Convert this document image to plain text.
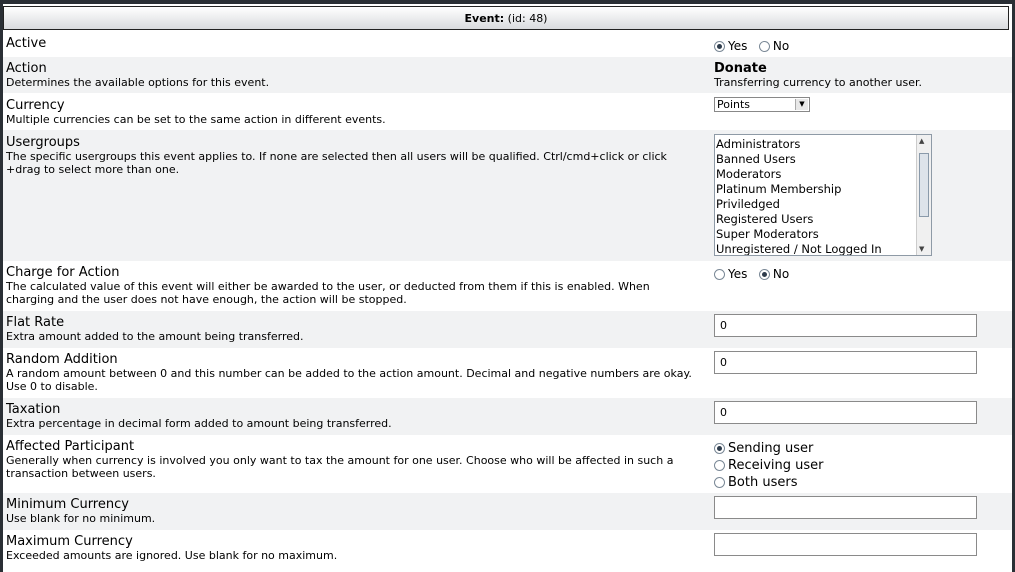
Event: (id: 48)
Active	Yes No
Action
Determines the available options for this event.
Donate
Transferring currency to another user.
Currency
Multiple currencies can be set to the same action in different events.
Points	▼
Usergroups
The specific usergroups this event applies to. If none are selected then all users will be qualified. Ctrl/cmd+click or click +drag to select more than one.
Administrators
Banned Users
Moderators
Platinum Membership
Priviledged
Registered Users
Super Moderators
Unregistered / Not Logged In
▲
▼
Charge for Action
The calculated value of this event will either be awarded to the user, or deducted from them if this is enabled. When charging and the user does not have enough, the action will be stopped.
Yes No
Flat Rate
Extra amount added to the amount being transferred.
0
Random Addition
A random amount between 0 and this number can be added to the action amount. Decimal and negative numbers are okay. Use 0 to disable.
0
Taxation
Extra percentage in decimal form added to amount being transferred.
0
Affected Participant
Generally when currency is involved you only want to tax the amount for one user. Choose who will be affected in such a transaction between users.
Sending user
Receiving user
Both users
Minimum Currency
Use blank for no minimum.
Maximum Currency
Exceeded amounts are ignored. Use blank for no maximum.
